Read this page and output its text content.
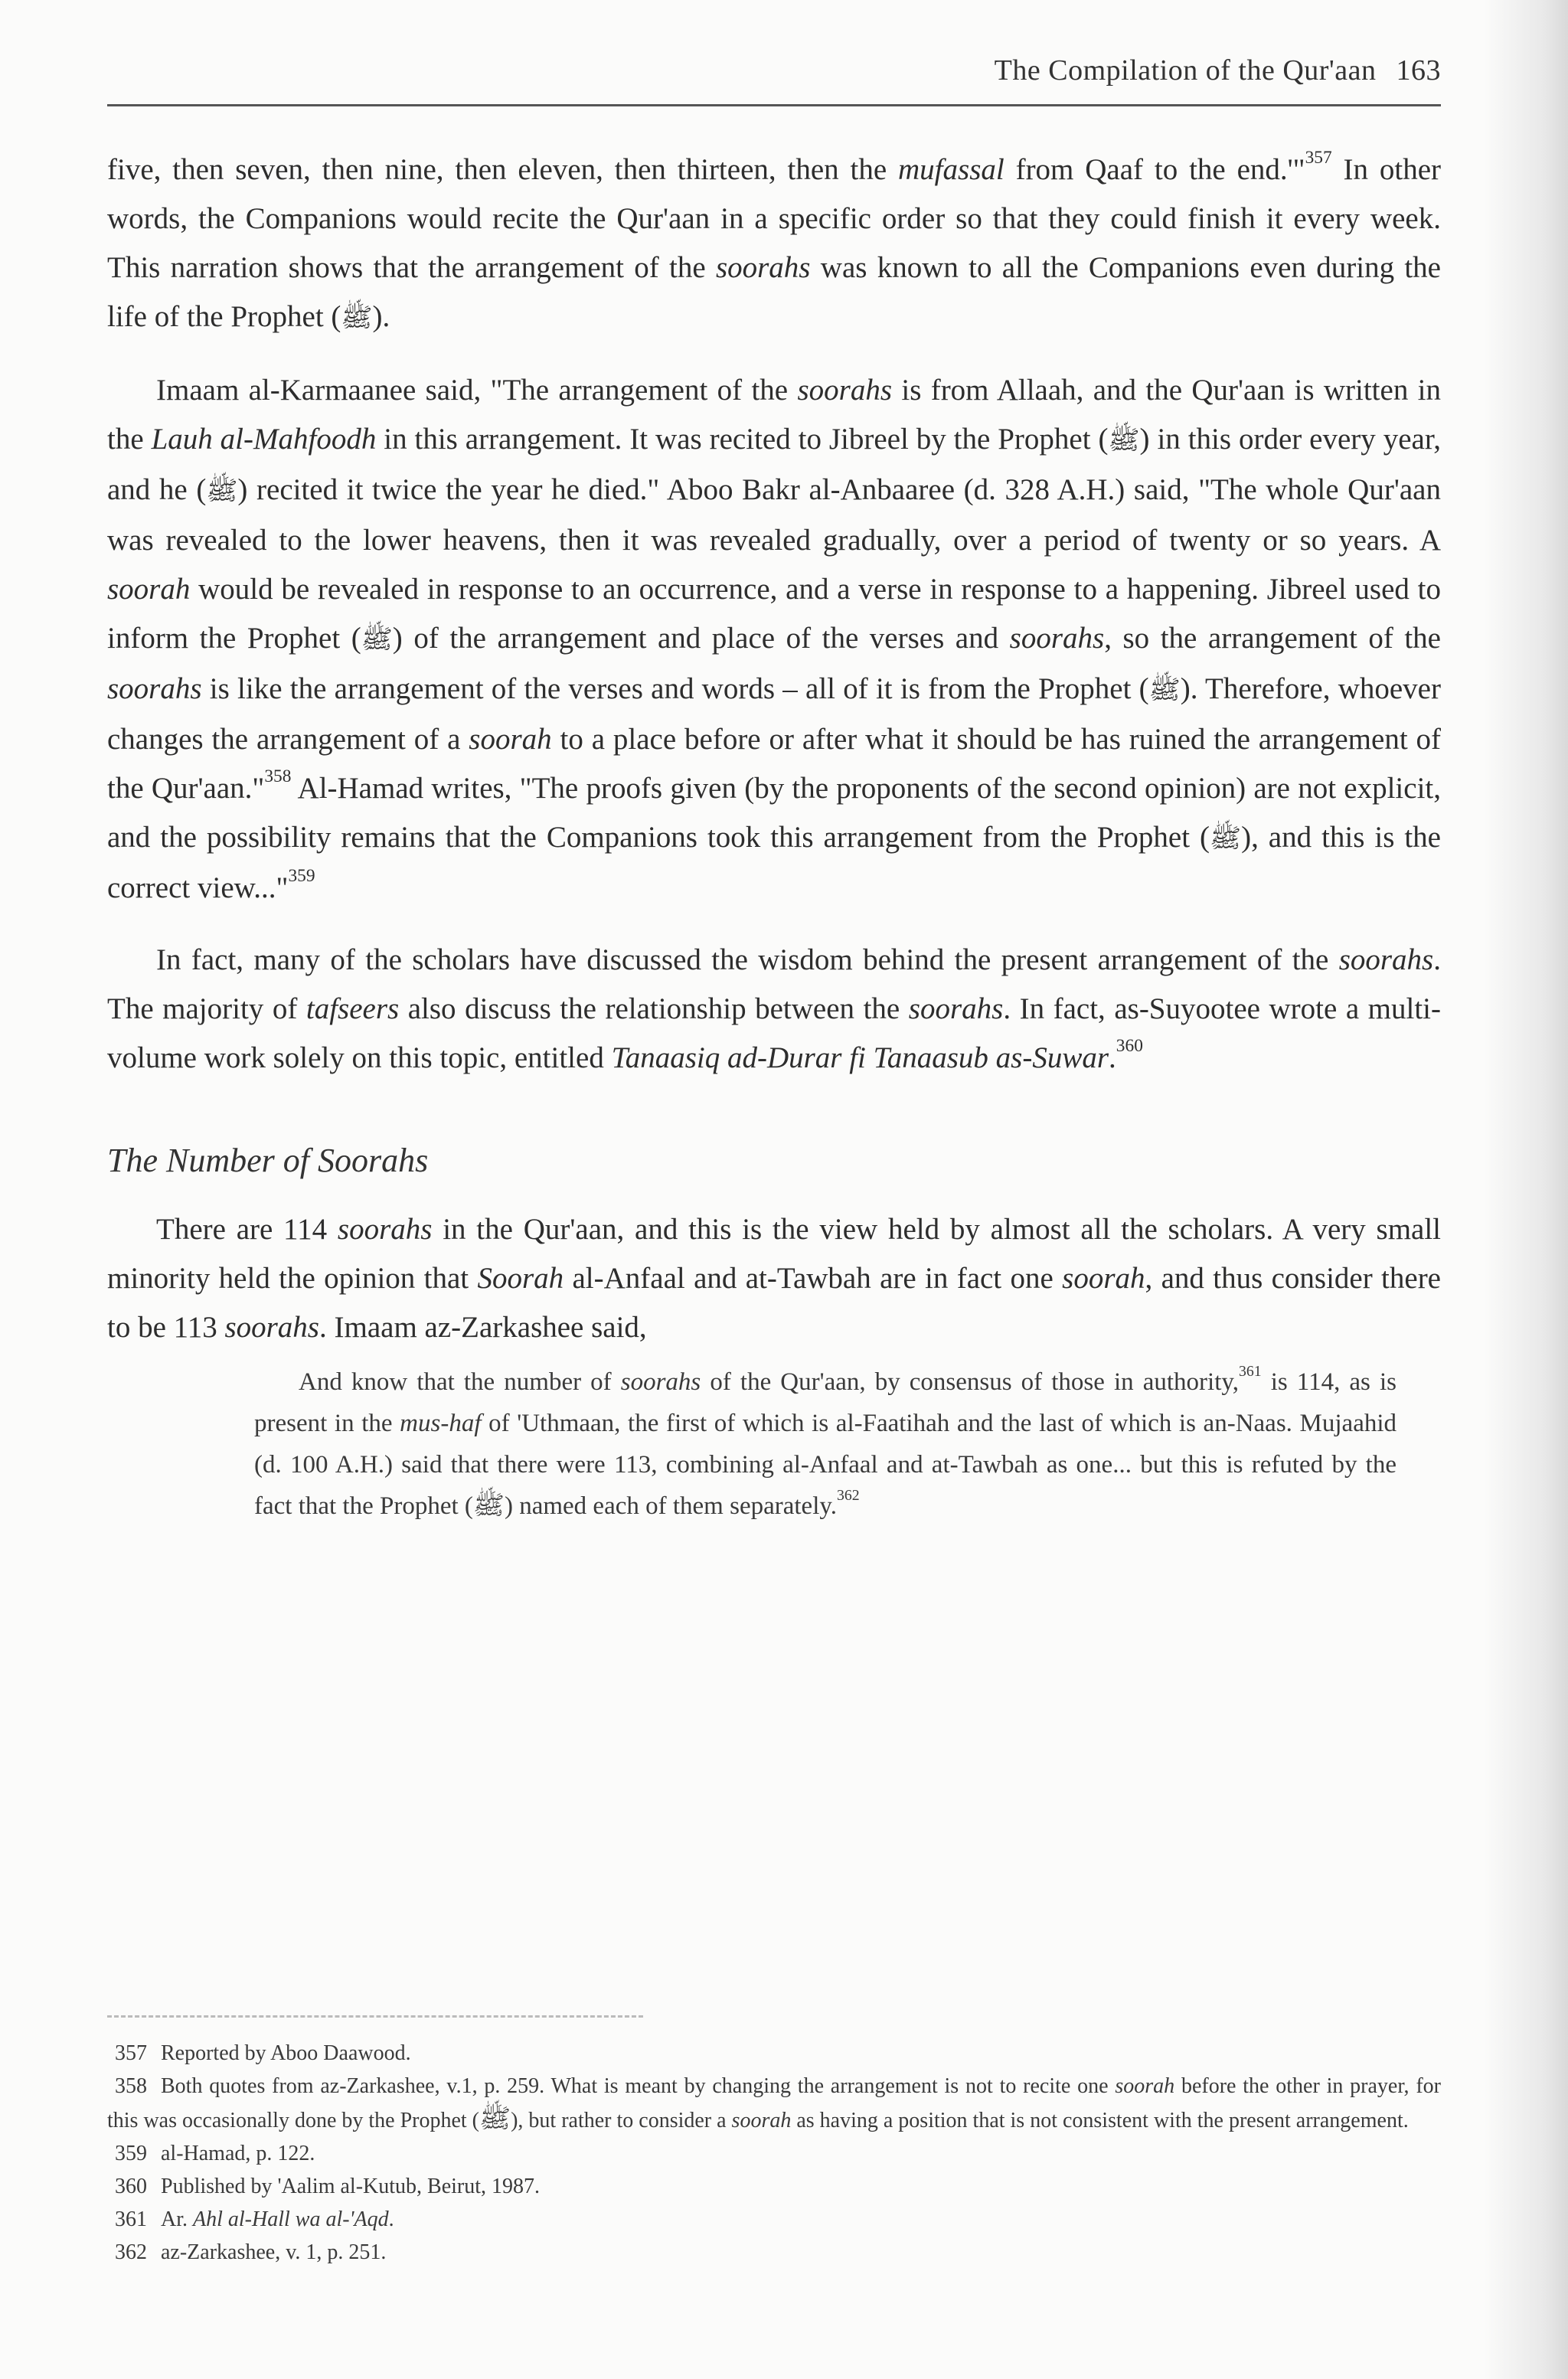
The Compilation of the Qur'aan 163

five, then seven, then nine, then eleven, then thirteen, then the mufassal from Qaaf to the end.'"$^{357}$ In other words, the Companions would recite the Qur'aan in a specific order so that they could finish it every week. This narration shows that the arrangement of the soorahs was known to all the Companions even during the life of the Prophet (ﷺ).

Imaam al-Karmaanee said, "The arrangement of the soorahs is from Allaah, and the Qur'aan is written in the Lauh al-Mahfoodh in this arrangement. It was recited to Jibreel by the Prophet (ﷺ) in this order every year, and he (ﷺ) recited it twice the year he died." Aboo Bakr al-Anbaaree (d. 328 A.H.) said, "The whole Qur'aan was revealed to the lower heavens, then it was revealed gradually, over a period of twenty or so years. A soorah would be revealed in response to an occurrence, and a verse in response to a happening. Jibreel used to inform the Prophet (ﷺ) of the arrangement and place of the verses and soorahs, so the arrangement of the soorahs is like the arrangement of the verses and words – all of it is from the Prophet (ﷺ). Therefore, whoever changes the arrangement of a soorah to a place before or after what it should be has ruined the arrangement of the Qur'aan."$^{358}$ Al-Hamad writes, "The proofs given (by the proponents of the second opinion) are not explicit, and the possibility remains that the Companions took this arrangement from the Prophet (ﷺ), and this is the correct view..."$^{359}$

In fact, many of the scholars have discussed the wisdom behind the present arrangement of the soorahs. The majority of tafseers also discuss the relationship between the soorahs. In fact, as-Suyootee wrote a multi-volume work solely on this topic, entitled Tanaasiq ad-Durar fi Tanaasub as-Suwar.$^{360}$

The Number of Soorahs

There are 114 soorahs in the Qur'aan, and this is the view held by almost all the scholars. A very small minority held the opinion that Soorah al-Anfaal and at-Tawbah are in fact one soorah, and thus consider there to be 113 soorahs. Imaam az-Zarkashee said,

And know that the number of soorahs of the Qur'aan, by consensus of those in authority,$^{361}$ is 114, as is present in the mus-haf of 'Uthmaan, the first of which is al-Faatihah and the last of which is an-Naas. Mujaahid (d. 100 A.H.) said that there were 113, combining al-Anfaal and at-Tawbah as one... but this is refuted by the fact that the Prophet (ﷺ) named each of them separately.$^{362}$

357 Reported by Aboo Daawood.

358 Both quotes from az-Zarkashee, v.1, p. 259. What is meant by changing the arrangement is not to recite one soorah before the other in prayer, for this was occasionally done by the Prophet (ﷺ), but rather to consider a soorah as having a position that is not consistent with the present arrangement.

359 al-Hamad, p. 122.

360 Published by 'Aalim al-Kutub, Beirut, 1987.

361 Ar. Ahl al-Hall wa al-'Aqd.

362 az-Zarkashee, v. 1, p. 251.
